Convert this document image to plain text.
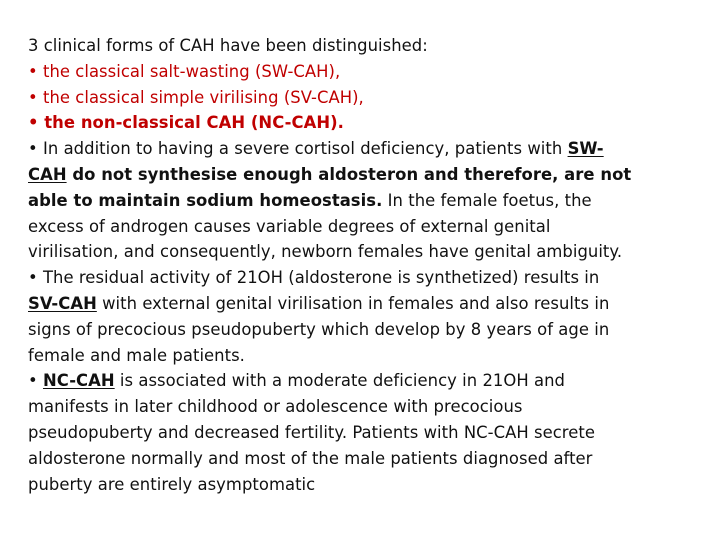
3 clinical forms of CAH have been distinguished:
• the classical salt-wasting (SW-CAH),
• the classical simple virilising (SV-CAH),
• the non-classical CAH (NC-CAH).
• In addition to having a severe cortisol deficiency, patients with SW-
CAH do not synthesise enough aldosteron and therefore, are not
able to maintain sodium homeostasis. In the female foetus, the
excess of androgen causes variable degrees of external genital
virilisation, and consequently, newborn females have genital ambiguity.
• The residual activity of 21OH (aldosterone is synthetized) results in
SV-CAH with external genital virilisation in females and also results in
signs of precocious pseudopuberty which develop by 8 years of age in
female and male patients.
• NC-CAH is associated with a moderate deficiency in 21OH and
manifests in later childhood or adolescence with precocious
pseudopuberty and decreased fertility. Patients with NC-CAH secrete
aldosterone normally and most of the male patients diagnosed after
puberty are entirely asymptomatic
